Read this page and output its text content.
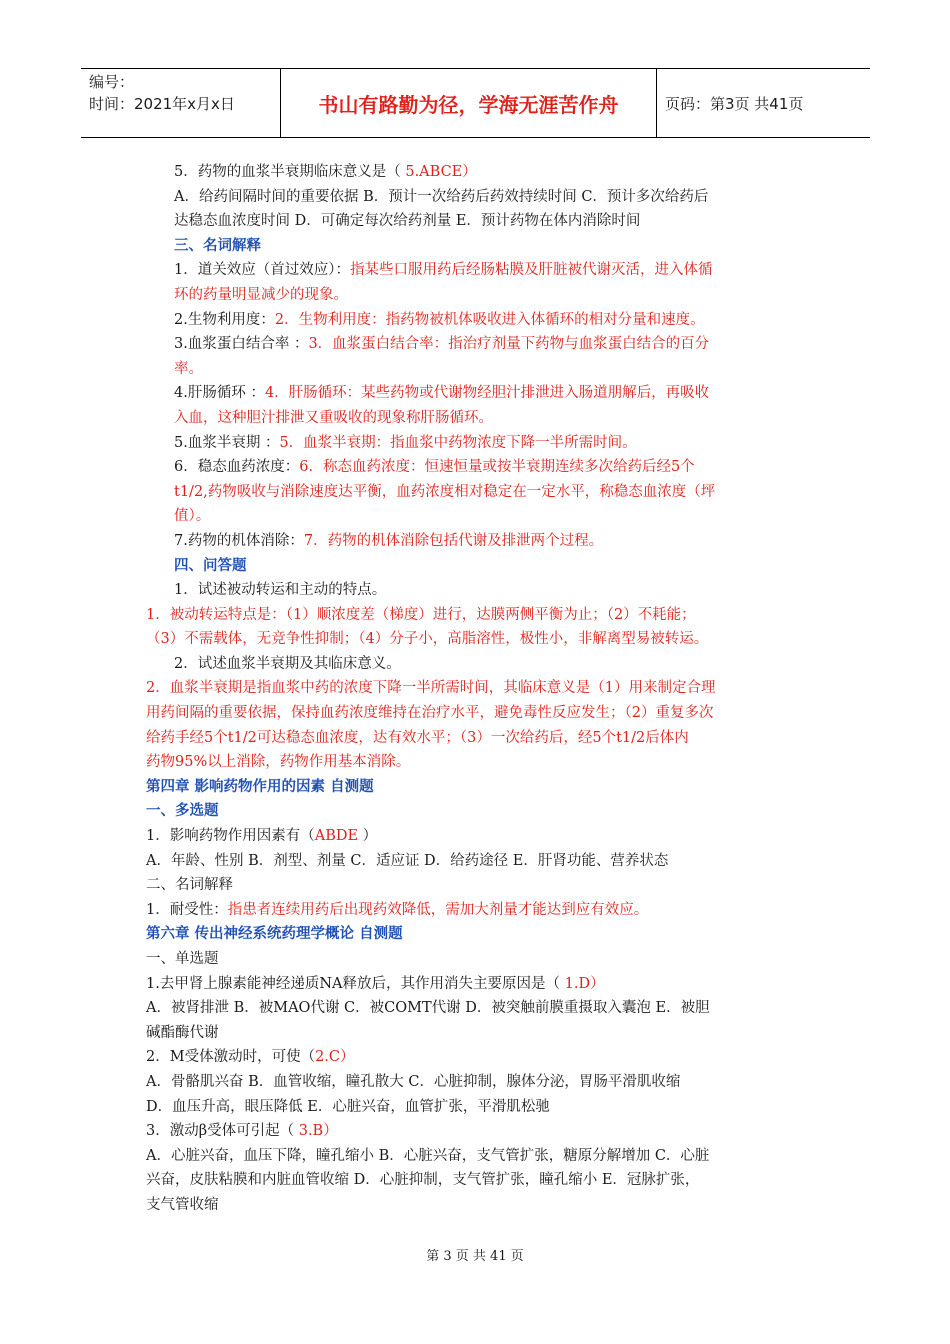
编号：
时间：2021年x月x日	书山有路勤为径，学海无涯苦作舟	页码：第3页 共41页

5．药物的血浆半衰期临床意义是（ 5.ABCE）

A．给药间隔时间的重要依据 B．预计一次给药后药效持续时间 C．预计多次给药后

达稳态血浓度时间 D．可确定每次给药剂量 E．预计药物在体内消除时间

三、名词解释

1．道关效应（首过效应）：指某些口服用药后经肠粘膜及肝脏被代谢灭活，进入体循

环的药量明显减少的现象。

2.生物利用度：2．生物利用度：指药物被机体吸收进入体循环的相对分量和速度。

3.血浆蛋白结合率 ：3．血浆蛋白结合率：指治疗剂量下药物与血浆蛋白结合的百分

率。

4.肝肠循环 ：4．肝肠循环：某些药物或代谢物经胆汁排泄进入肠道朋解后，再吸收

入血，这种胆汁排泄又重吸收的现象称肝肠循环。

5.血浆半衰期 ：5．血浆半衰期：指血浆中药物浓度下降一半所需时间。

6．稳态血药浓度：6．称态血药浓度：恒速恒量或按半衰期连续多次给药后经5个

t1/2,药物吸收与消除速度达平衡，血药浓度相对稳定在一定水平，称稳态血浓度（坪

值）。

7.药物的机体消除：7．药物的机体消除包括代谢及排泄两个过程。

四、问答题

1．试述被动转运和主动的特点。

1．被动转运特点是：（1）顺浓度差（梯度）进行，达膜两侧平衡为止；（2）不耗能；

（3）不需载体，无竞争性抑制；（4）分子小，高脂溶性，极性小，非解离型易被转运。

2．试述血浆半衰期及其临床意义。

2．血浆半衰期是指血浆中药的浓度下降一半所需时间，其临床意义是（1）用来制定合理

用药间隔的重要依据，保持血药浓度维持在治疗水平，避免毒性反应发生；（2）重复多次

给药手经5个t1/2可达稳态血浓度，达有效水平；（3）一次给药后，经5个t1/2后体内

药物95%以上消除，药物作用基本消除。

第四章 影响药物作用的因素 自测题

一、多选题

1．影响药物作用因素有（ABDE ）

A．年龄、性别 B．剂型、剂量 C．适应证 D．给药途径 E．肝肾功能、营养状态

二、名词解释

1．耐受性：指患者连续用药后出现药效降低，需加大剂量才能达到应有效应。

第六章 传出神经系统药理学概论 自测题

一、单选题

1.去甲肾上腺素能神经递质NA释放后，其作用消失主要原因是（ 1.D）

A．被肾排泄 B．被MAO代谢 C．被COMT代谢 D．被突触前膜重摄取入囊泡 E．被胆

碱酯酶代谢

2．M受体激动时，可使（2.C）

A．骨骼肌兴奋 B．血管收缩，瞳孔散大 C．心脏抑制，腺体分泌，胃肠平滑肌收缩

D．血压升高，眼压降低 E．心脏兴奋，血管扩张，平滑肌松驰

3．激动β受体可引起（ 3.B）

A．心脏兴奋，血压下降，瞳孔缩小 B．心脏兴奋，支气管扩张，糖原分解增加 C．心脏

兴奋，皮肤粘膜和内脏血管收缩 D．心脏抑制，支气管扩张，瞳孔缩小 E．冠脉扩张，

支气管收缩

第 3 页 共 41 页
